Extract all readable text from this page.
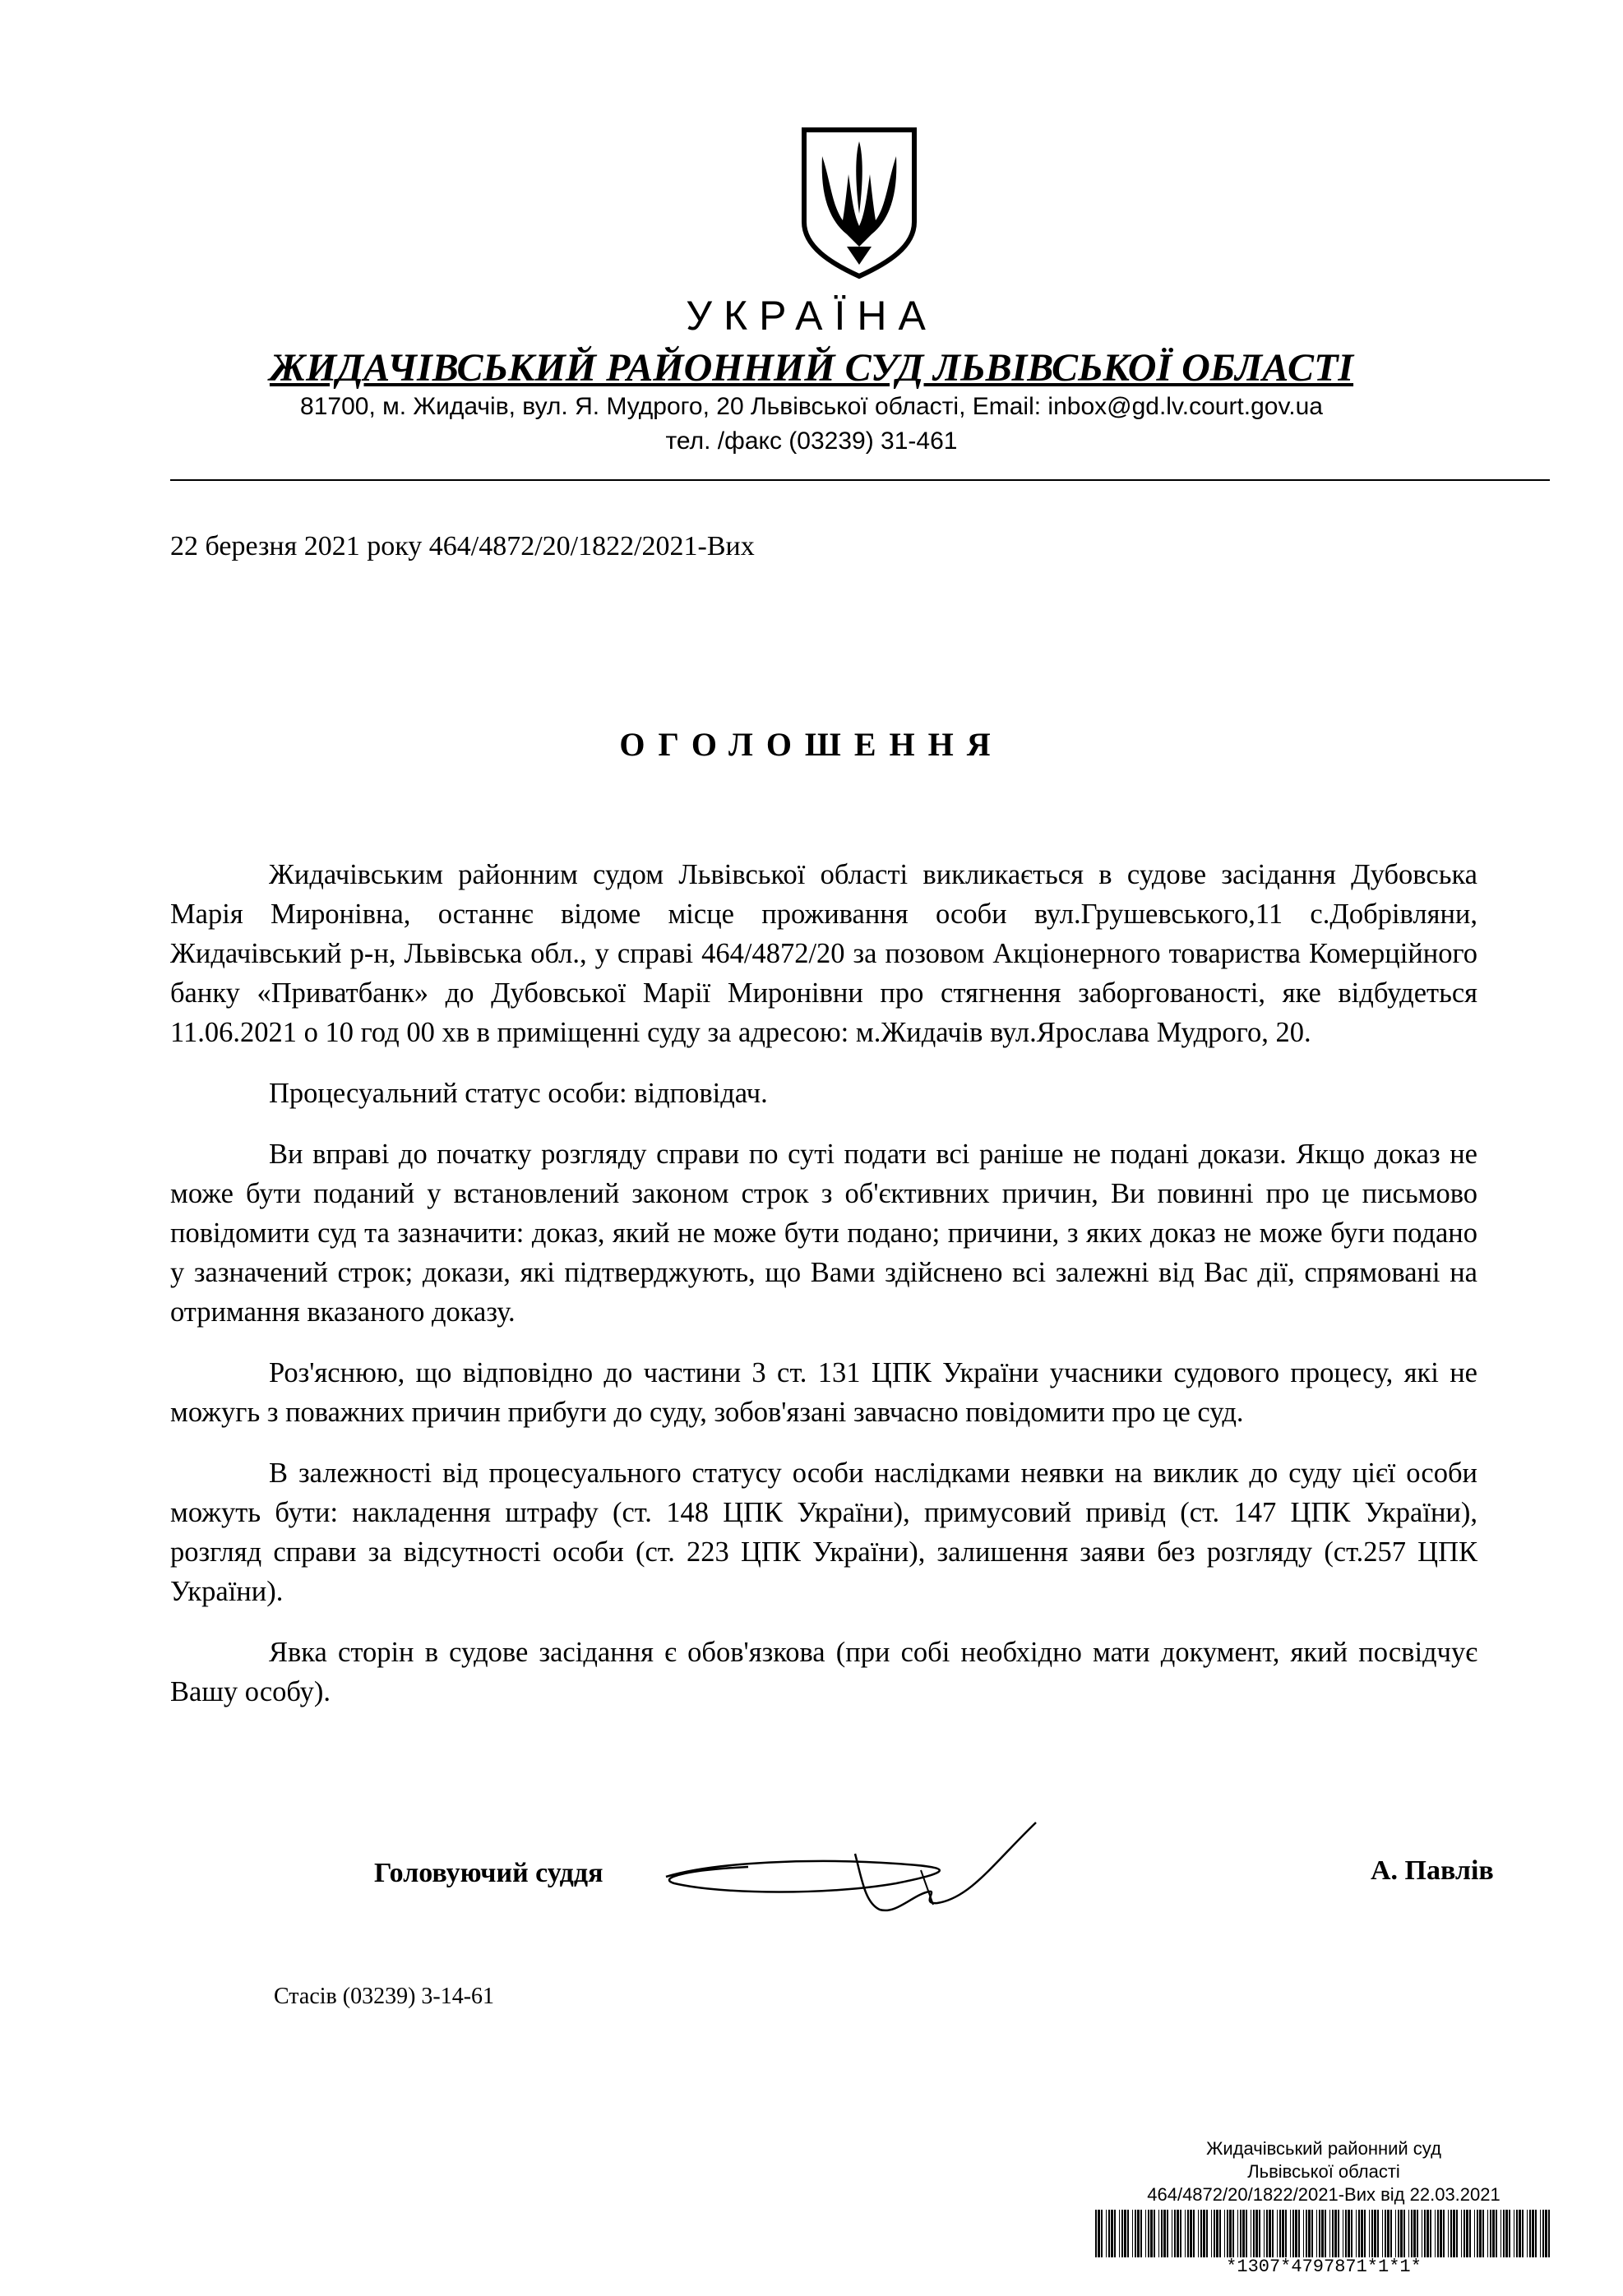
УКРАЇНА
ЖИДАЧІВСЬКИЙ РАЙОННИЙ СУД ЛЬВІВСЬКОЇ ОБЛАСТІ
81700, м. Жидачів, вул. Я. Мудрого, 20 Львівської області, Email: inbox@gd.lv.court.gov.ua
тел. /факс (03239) 31-461
22 березня 2021 року 464/4872/20/1822/2021-Вих
ОГОЛОШЕННЯ

Жидачівським районним судом Львівської області викликається в судове засідання Дубовська Марія Миронівна, останнє відоме місце проживання особи вул.Грушевського,11 с.Добрівляни, Жидачівський р-н, Львівська обл., у справі 464/4872/20 за позовом Акціонерного товариства Комерційного банку «Приватбанк» до Дубовської Марії Миронівни про стягнення заборгованості, яке відбудеться 11.06.2021 о 10 год 00 хв в приміщенні суду за адресою: м.Жидачів вул.Ярослава Мудрого, 20.

Процесуальний статус особи: відповідач.

Ви вправі до початку розгляду справи по суті подати всі раніше не подані докази. Якщо доказ не може бути поданий у встановлений законом строк з об'єктивних причин, Ви повинні про це письмово повідомити суд та зазначити: доказ, який не може бути подано; причини, з яких доказ не може буги подано у зазначений строк; докази, які підтверджують, що Вами здійснено всі залежні від Вас дії, спрямовані на отримання вказаного доказу.

Роз'яснюю, що відповідно до частини 3 ст. 131 ЦПК України учасники судового процесу, які не можугь з поважних причин прибуги до суду, зобов'язані завчасно повідомити про це суд.

В залежності від процесуального статусу особи наслідками неявки на виклик до суду цієї особи можуть бути: накладення штрафу (ст. 148 ЦПК України), примусовий привід (ст. 147 ЦПК України), розгляд справи за відсутності особи (ст. 223 ЦПК України), залишення заяви без розгляду (ст.257 ЦПК України).

Явка сторін в судове засідання є обов'язкова (при собі необхідно мати документ, який посвідчує Вашу особу).

Головуючий суддя	А. Павлів
Стасів (03239) 3-14-61
Жидачівський районний суд
Львівської області
464/4872/20/1822/2021-Вих від 22.03.2021
*1307*4797871*1*1*
